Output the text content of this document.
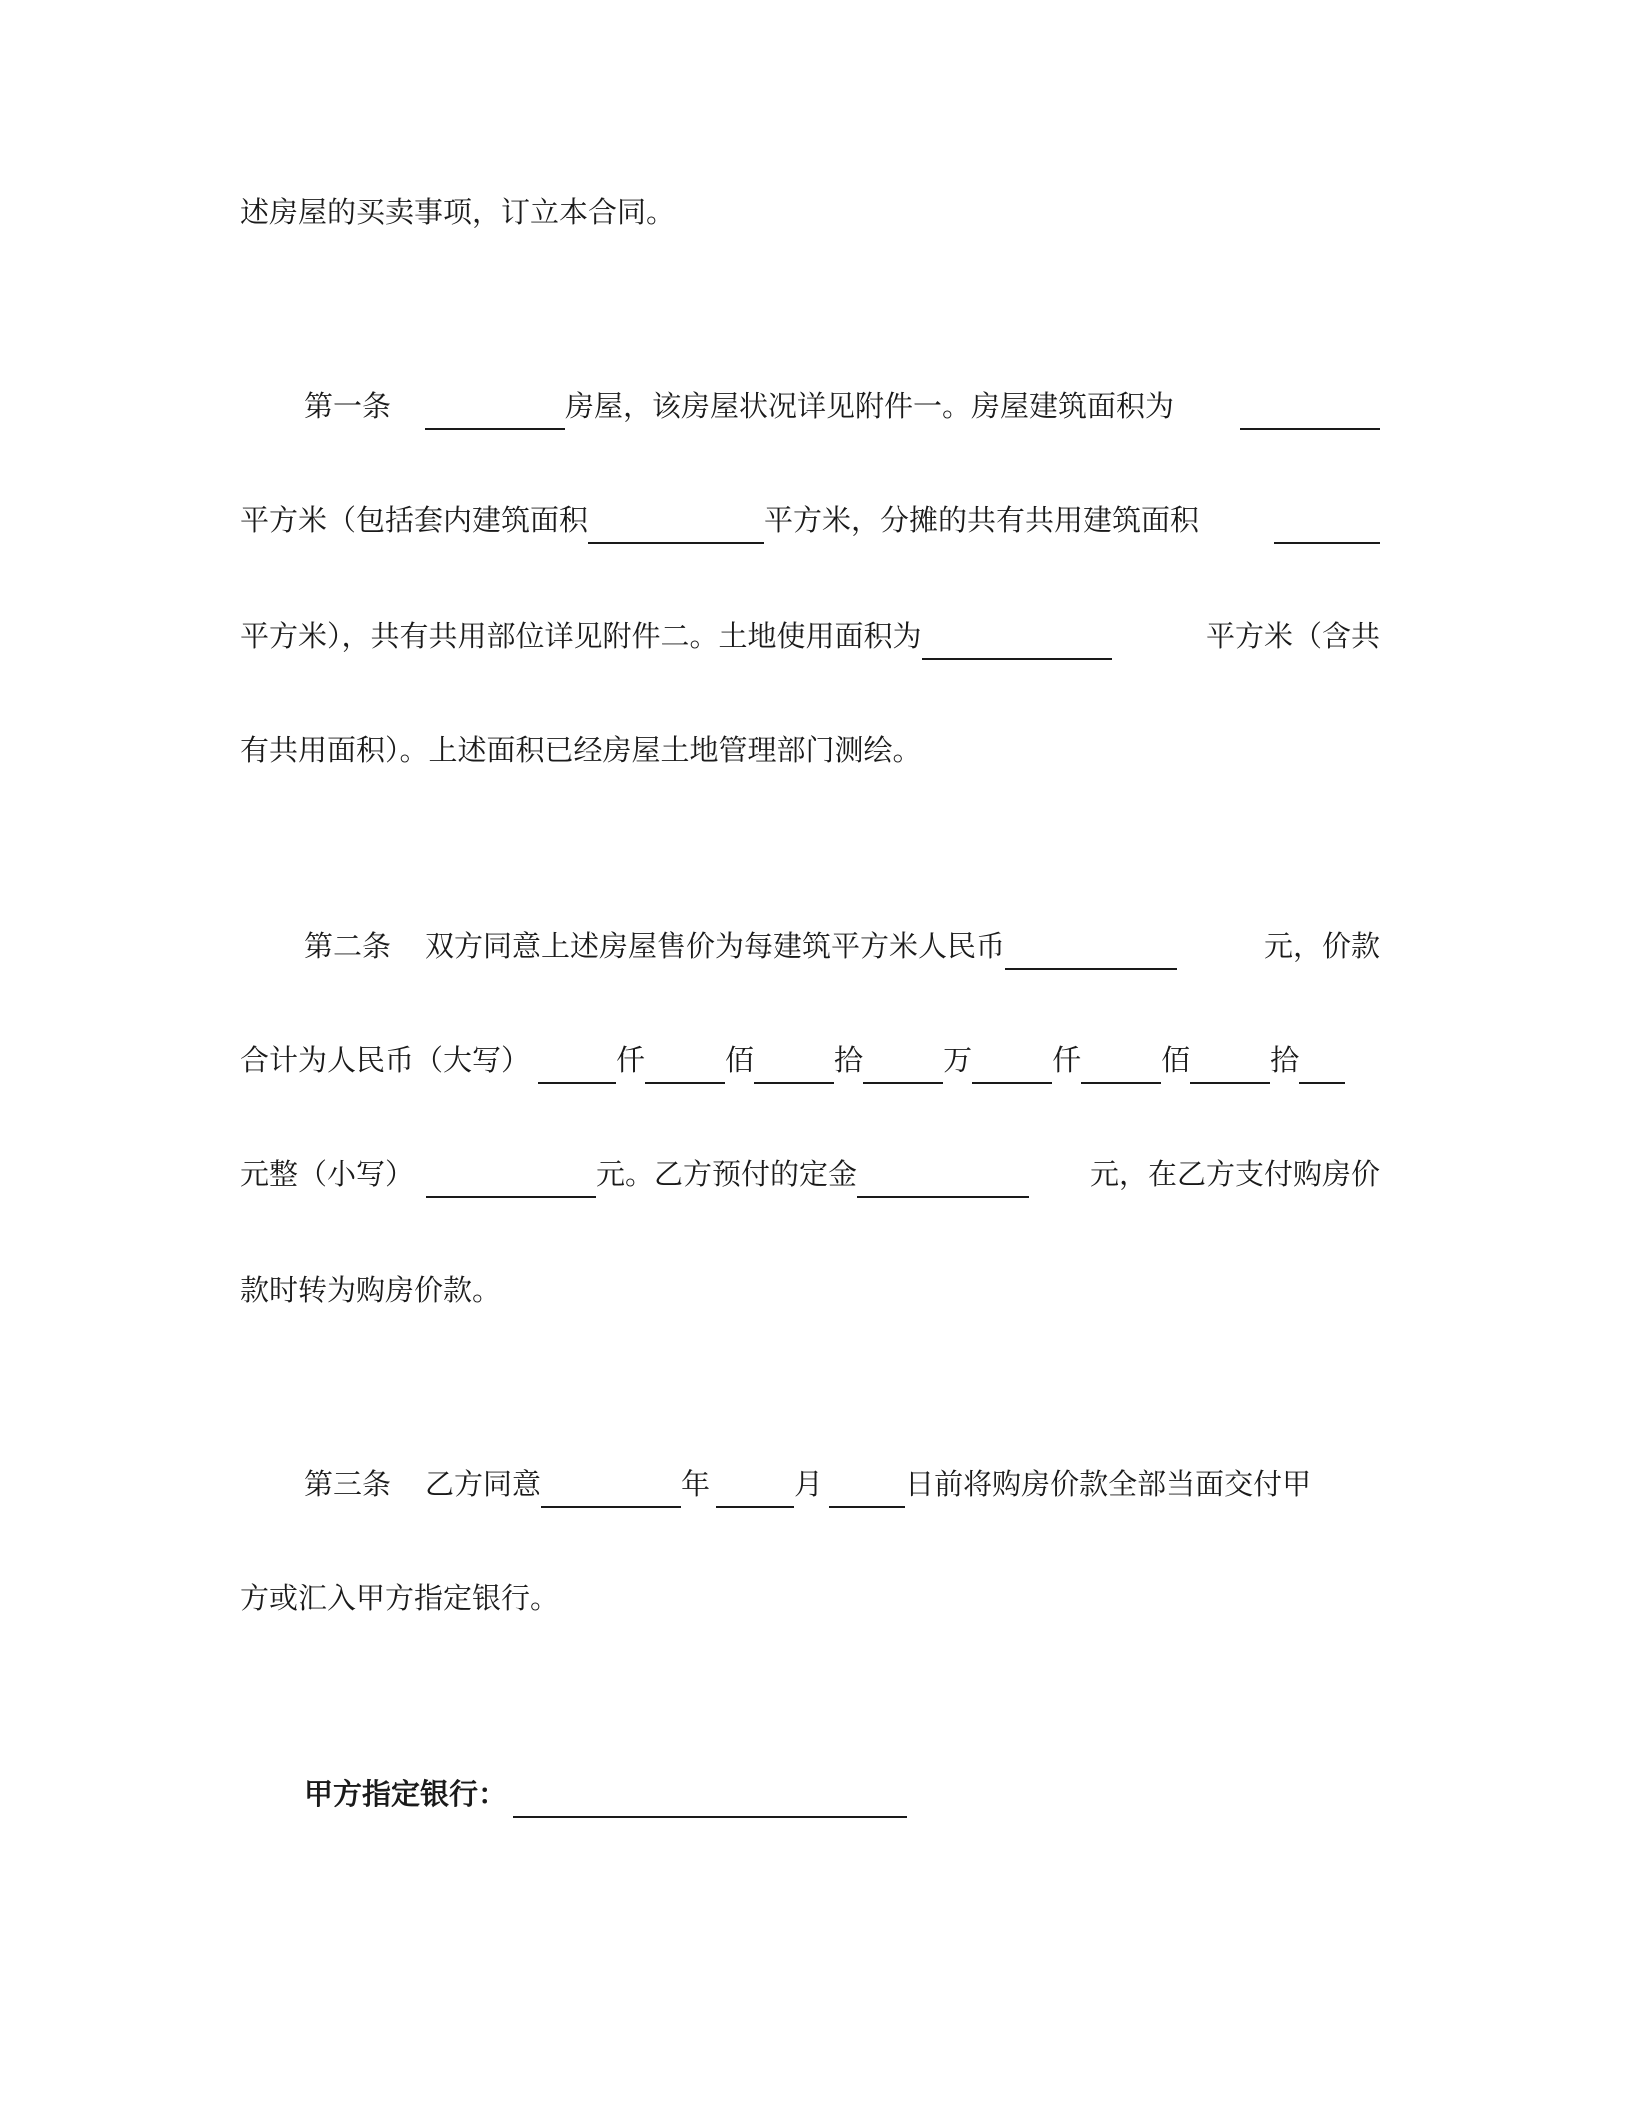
述房屋的买卖事项，订立本合同。
第一条	房屋，该房屋状况详见附件一。房屋建筑面积为
平方米（包括套内建筑面积	平方米，分摊的共有共用建筑面积
平方米），共有共用部位详见附件二。土地使用面积为	平方米（含共
有共用面积）。上述面积已经房屋土地管理部门测绘。
第二条 双方同意上述房屋售价为每建筑平方米人民币	元，价款
合计为人民币（大写）	仟	佰	拾	万	仟	佰	拾
元整（小写）	元。乙方预付的定金	元，在乙方支付购房价
款时转为购房价款。
第三条 乙方同意	年	月	日前将购房价款全部当面交付甲
方或汇入甲方指定银行。
甲方指定银行：
